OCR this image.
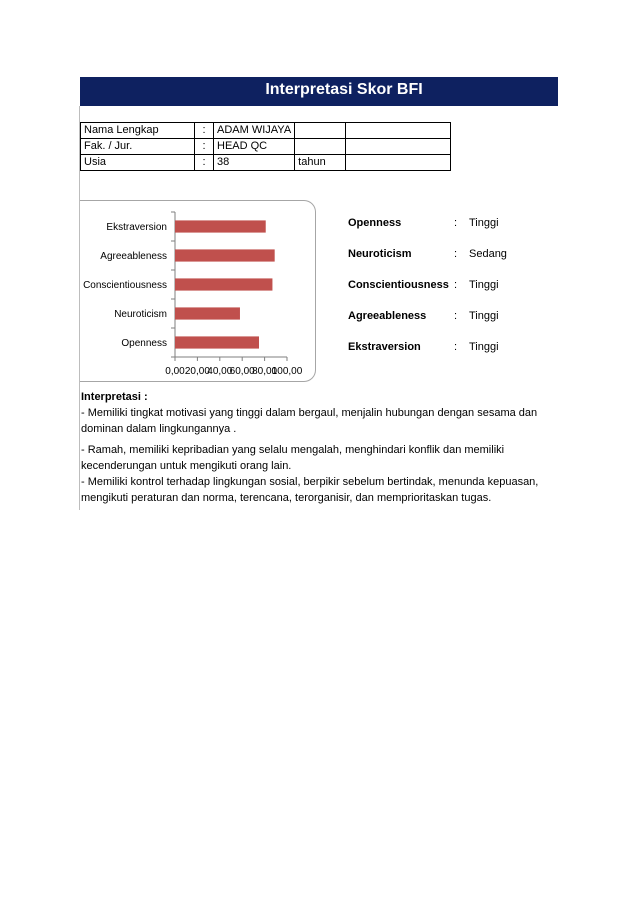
Interpretasi Skor BFI
Nama Lengkap	:	ADAM WIJAYA		
Fak. / Jur.	:	HEAD QC		
Usia	:	38	tahun	
0,00 20,00
40,00
60,00
80,00
100,00
Ekstraversion
Agreeableness
Conscientiousness
Neuroticism
Openness
Openness	: Tinggi
Neuroticism	: Sedang
Conscientiousness : Tinggi
Agreeableness	: Tinggi
Ekstraversion	: Tinggi
Interpretasi :

- Memiliki tingkat motivasi yang tinggi dalam bergaul, menjalin hubungan dengan sesama dan dominan dalam lingkungannya .

- Ramah, memiliki kepribadian yang selalu mengalah, menghindari konflik dan memiliki kecenderungan untuk mengikuti orang lain.

- Memiliki kontrol terhadap lingkungan sosial, berpikir sebelum bertindak, menunda kepuasan, mengikuti peraturan dan norma, terencana, terorganisir, dan memprioritaskan tugas.
